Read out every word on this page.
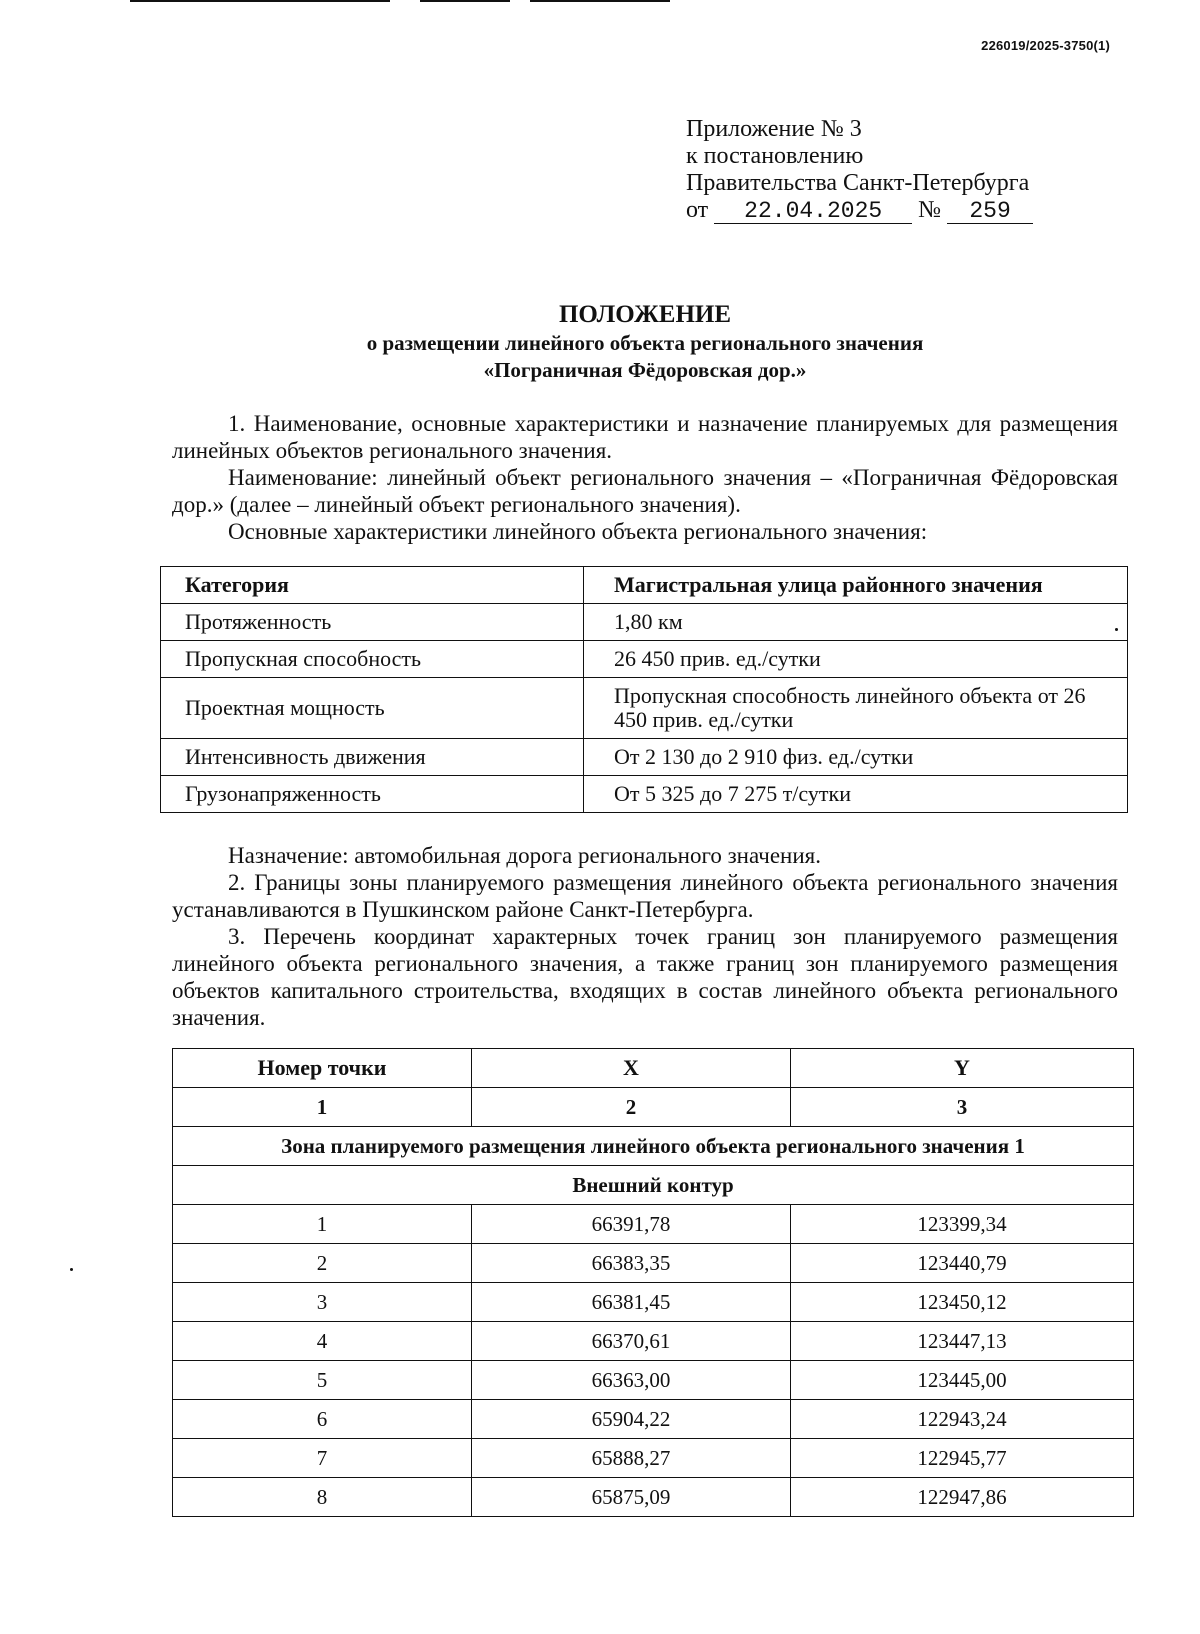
226019/2025-3750(1)
Приложение № 3
к постановлению
Правительства Санкт-Петербурга
от 22.04.2025 № 259
ПОЛОЖЕНИЕ
о размещении линейного объекта регионального значения
«Пограничная Фёдоровская дор.»
1. Наименование, основные характеристики и назначение планируемых для размещения линейных объектов регионального значения.
Наименование: линейный объект регионального значения – «Пограничная Фёдоровская дор.» (далее – линейный объект регионального значения).
Основные характеристики линейного объекта регионального значения:
Категория	Магистральная улица районного значения
Протяженность	1,80 км
Пропускная способность	26 450 прив. ед./сутки
Проектная мощность	Пропускная способность линейного объекта от 26 450 прив. ед./сутки
Интенсивность движения	От 2 130 до 2 910 физ. ед./сутки
Грузонапряженность	От 5 325 до 7 275 т/сутки
Назначение: автомобильная дорога регионального значения.
2. Границы зоны планируемого размещения линейного объекта регионального значения устанавливаются в Пушкинском районе Санкт-Петербурга.
3. Перечень координат характерных точек границ зон планируемого размещения линейного объекта регионального значения, а также границ зон планируемого размещения объектов капитального строительства, входящих в состав линейного объекта регионального значения.
Номер точки	X	Y
1	2	3
Зона планируемого размещения линейного объекта регионального значения 1		
Внешний контур		
1	66391,78	123399,34
2	66383,35	123440,79
3	66381,45	123450,12
4	66370,61	123447,13
5	66363,00	123445,00
6	65904,22	122943,24
7	65888,27	122945,77
8	65875,09	122947,86
